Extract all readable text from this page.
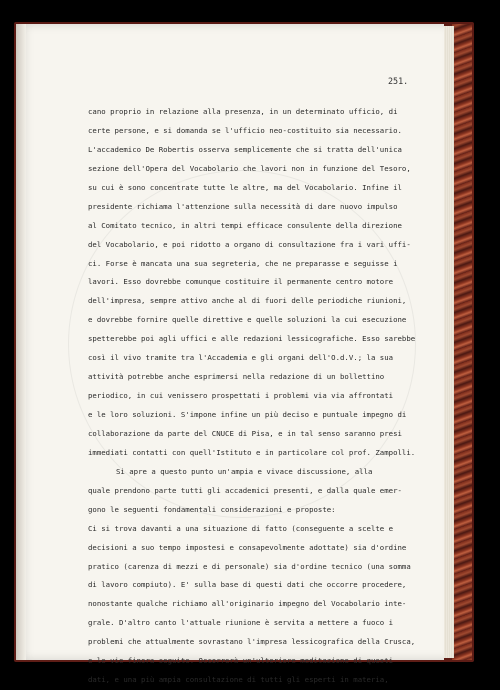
251.
cano proprio in relazione alla presenza, in un determinato ufficio, di
certe persone, e si domanda se l'ufficio neo-costituito sia necessario.
L'accademico De Robertis osserva semplicemente che si tratta dell'unica
sezione dell'Opera del Vocabolario che lavori non in funzione del Tesoro,
su cui è sono concentrate tutte le altre, ma del Vocabolario. Infine il
presidente richiama l'attenzione sulla necessità di dare nuovo impulso
al Comitato tecnico, in altri tempi efficace consulente della direzione
del Vocabolario, e poi ridotto a organo di consultazione fra i vari uffi-
ci. Forse è mancata una sua segreteria, che ne preparasse e seguisse i
lavori. Esso dovrebbe comunque costituire il permanente centro motore
dell'impresa, sempre attivo anche al di fuori delle periodiche riunioni,
e dovrebbe fornire quelle direttive e quelle soluzioni la cui esecuzione
spetterebbe poi agli uffici e alle redazioni lessicografiche. Esso sarebbe
così il vivo tramite tra l'Accademia e gli organi dell'O.d.V.; la sua
attività potrebbe anche esprimersi nella redazione di un bollettino
periodico, in cui venissero prospettati i problemi via via affrontati
e le loro soluzioni. S'impone infine un più deciso e puntuale impegno di
collaborazione da parte del CNUCE di Pisa, e in tal senso saranno presi
immediati contatti con quell'Istituto e in particolare col prof. Zampolli.
Si apre a questo punto un'ampia e vivace discussione, alla
quale prendono parte tutti gli accademici presenti, e dalla quale emer-
gono le seguenti fondamentali considerazioni e proposte:
Ci si trova davanti a una situazione di fatto (conseguente a scelte e
decisioni a suo tempo impostesi e consapevolmente adottate) sia d'ordine
pratico (carenza di mezzi e di personale) sia d'ordine tecnico (una somma
di lavoro compiuto). E' sulla base di questi dati che occorre procedere,
nonostante qualche richiamo all'originario impegno del Vocabolario inte-
grale. D'altro canto l'attuale riunione è servita a mettere a fuoco i
problemi che attualmente sovrastano l'impresa lessicografica della Crusca,
e le vie finora seguite. Occorrerà un'ulteriore meditazione di questi
dati, e una più ampia consultazione di tutti gli esperti in materia,
